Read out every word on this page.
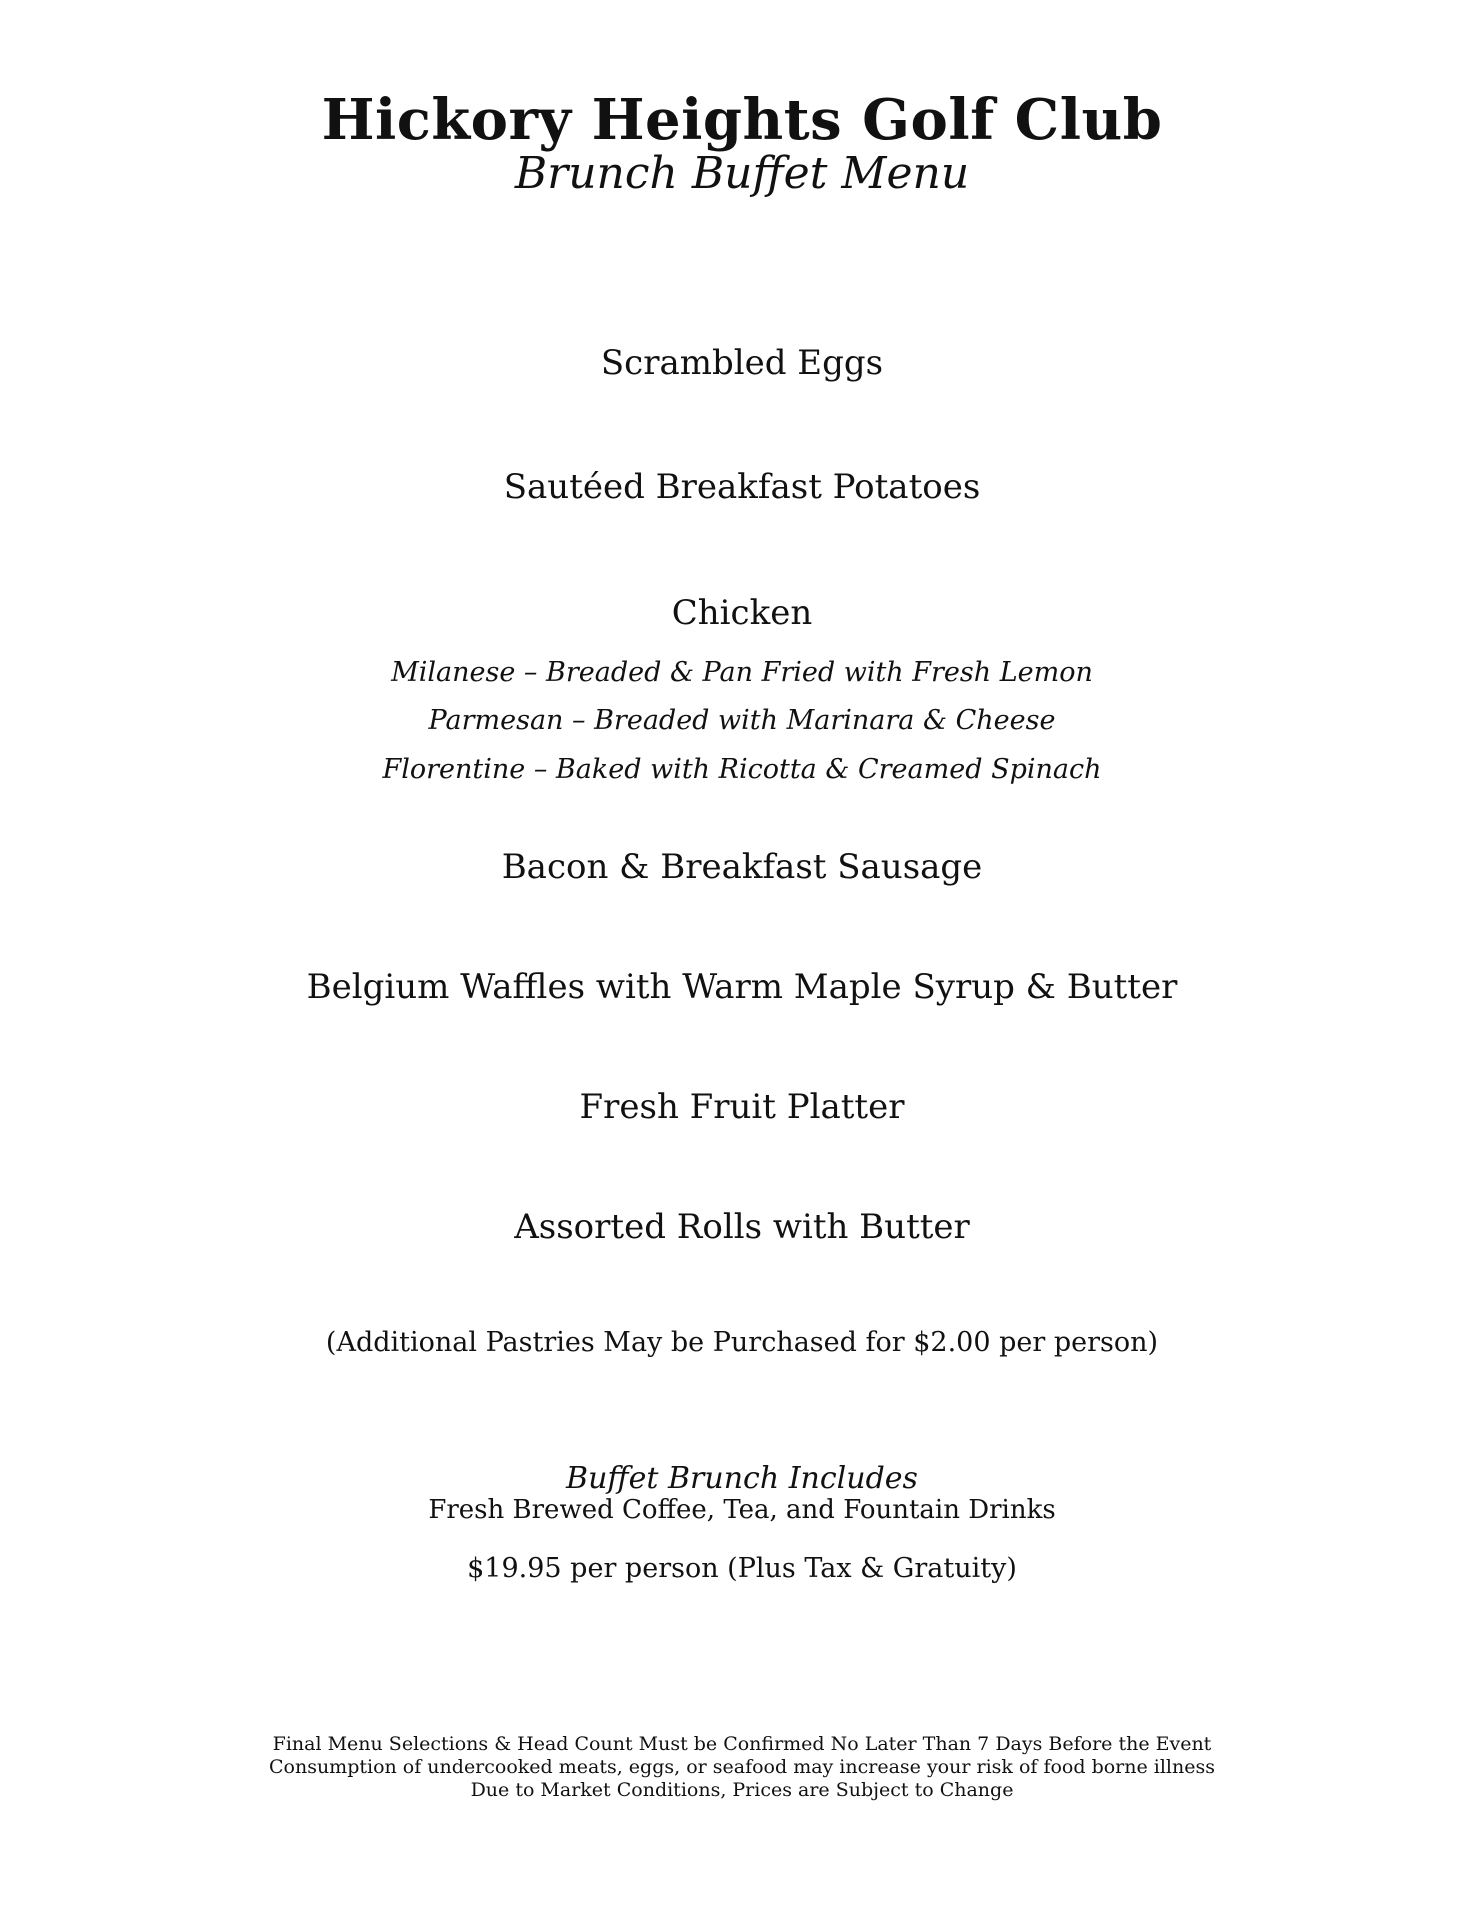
Hickory Heights Golf Club
Brunch Buffet Menu
Scrambled Eggs
Sautéed Breakfast Potatoes
Chicken
Milanese – Breaded & Pan Fried with Fresh Lemon
Parmesan – Breaded with Marinara & Cheese
Florentine – Baked with Ricotta & Creamed Spinach
Bacon & Breakfast Sausage
Belgium Waffles with Warm Maple Syrup & Butter
Fresh Fruit Platter
Assorted Rolls with Butter
(Additional Pastries May be Purchased for $2.00 per person)
Buffet Brunch Includes
Fresh Brewed Coffee, Tea, and Fountain Drinks
$19.95 per person (Plus Tax & Gratuity)
Final Menu Selections & Head Count Must be Confirmed No Later Than 7 Days Before the Event
Consumption of undercooked meats, eggs, or seafood may increase your risk of food borne illness
Due to Market Conditions, Prices are Subject to Change
